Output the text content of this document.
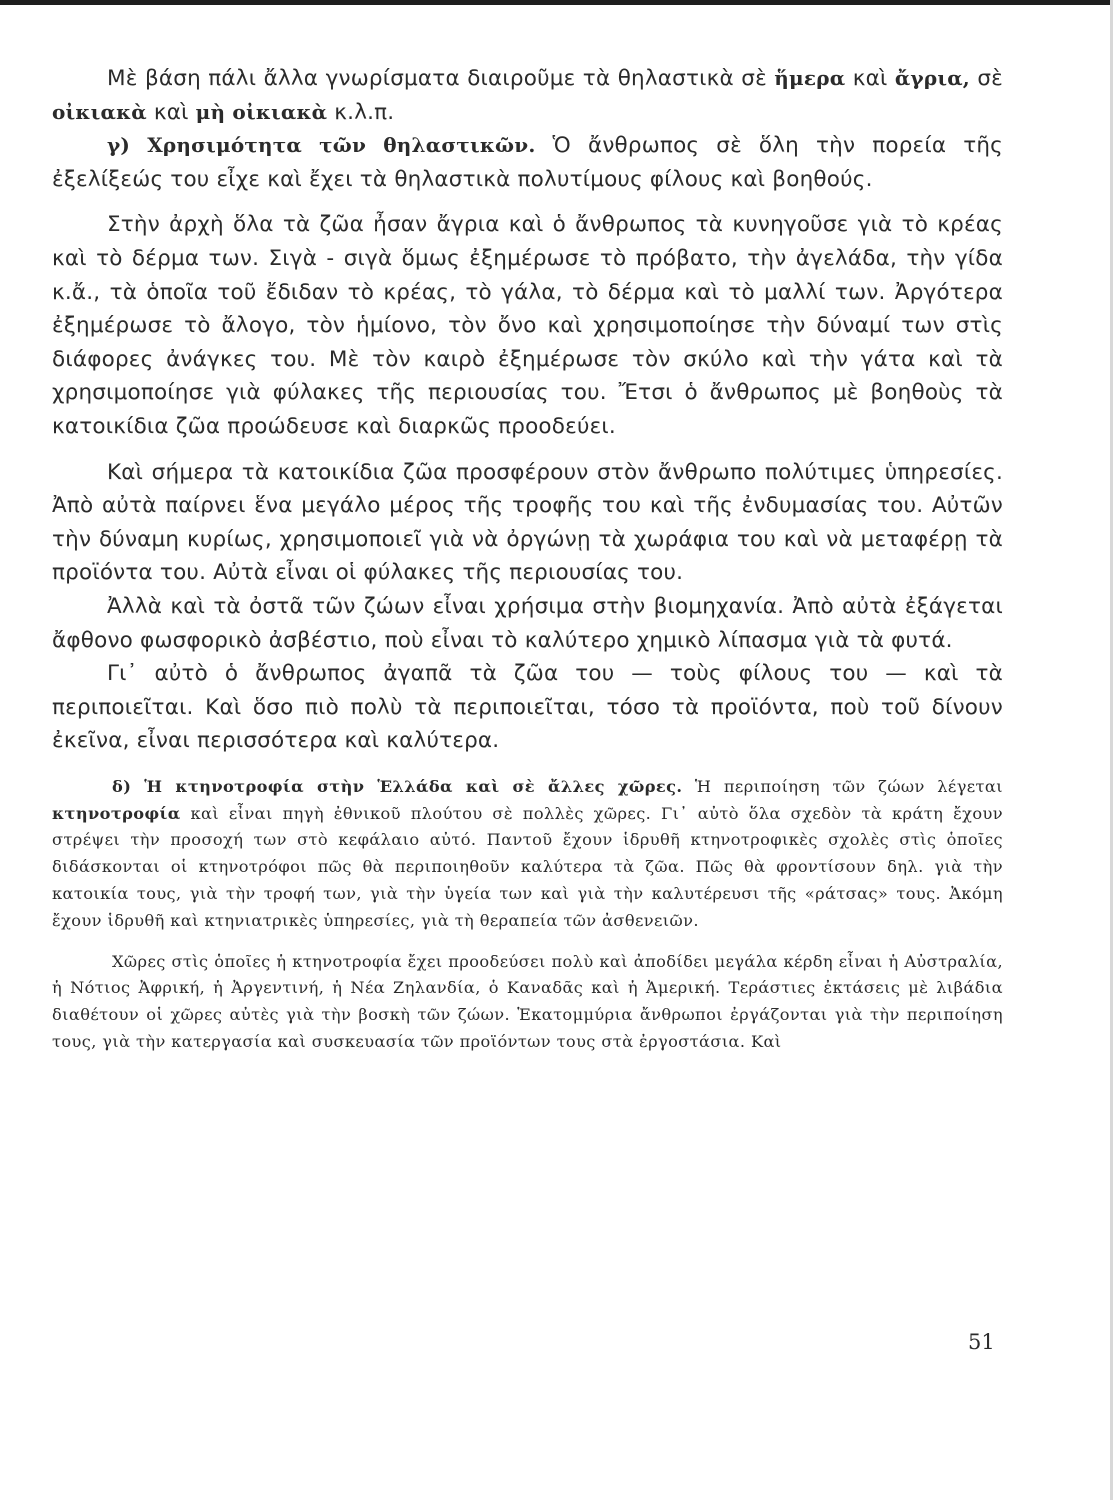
Μὲ βάση πάλι ἄλλα γνωρίσματα διαιροῦμε τὰ θηλαστικὰ σὲ ἥμερα καὶ ἄγρια, σὲ οἰκιακὰ καὶ μὴ οἰκιακὰ κ.λ.π.

γ) Χρησιμότητα τῶν θηλαστικῶν. Ὁ ἄνθρωπος σὲ ὅλη τὴν πορεία τῆς ἐξελίξεώς του εἶχε καὶ ἔχει τὰ θηλαστικὰ πολυτίμους φίλους καὶ βοηθούς.

Στὴν ἀρχὴ ὅλα τὰ ζῶα ἦσαν ἄγρια καὶ ὁ ἄνθρωπος τὰ κυνηγοῦσε γιὰ τὸ κρέας καὶ τὸ δέρμα των. Σιγὰ - σιγὰ ὅμως ἐξημέρωσε τὸ πρόβατο, τὴν ἀγελάδα, τὴν γίδα κ.ἄ., τὰ ὁποῖα τοῦ ἔδιδαν τὸ κρέας, τὸ γάλα, τὸ δέρμα καὶ τὸ μαλλί των. Ἀργότερα ἐξημέρωσε τὸ ἄλογο, τὸν ἡμίονο, τὸν ὄνο καὶ χρησιμοποίησε τὴν δύναμί των στὶς διάφορες ἀνάγκες του. Μὲ τὸν καιρὸ ἐξημέρωσε τὸν σκύλο καὶ τὴν γάτα καὶ τὰ χρησιμοποίησε γιὰ φύλακες τῆς περιουσίας του. Ἔτσι ὁ ἄνθρωπος μὲ βοηθοὺς τὰ κατοικίδια ζῶα προώδευσε καὶ διαρκῶς προοδεύει.

Καὶ σήμερα τὰ κατοικίδια ζῶα προσφέρουν στὸν ἄνθρωπο πολύτιμες ὑπηρεσίες. Ἀπὸ αὐτὰ παίρνει ἕνα μεγάλο μέρος τῆς τροφῆς του καὶ τῆς ἐνδυμασίας του. Αὐτῶν τὴν δύναμη κυρίως, χρησιμοποιεῖ γιὰ νὰ ὀργώνῃ τὰ χωράφια του καὶ νὰ μεταφέρῃ τὰ προϊόντα του. Αὐτὰ εἶναι οἱ φύλακες τῆς περιουσίας του.

Ἀλλὰ καὶ τὰ ὀστᾶ τῶν ζώων εἶναι χρήσιμα στὴν βιομηχανία. Ἀπὸ αὐτὰ ἐξάγεται ἄφθονο φωσφορικὸ ἀσβέστιο, ποὺ εἶναι τὸ καλύτερο χημικὸ λίπασμα γιὰ τὰ φυτά.

Γι᾿ αὐτὸ ὁ ἄνθρωπος ἀγαπᾶ τὰ ζῶα του — τοὺς φίλους του — καὶ τὰ περιποιεῖται. Καὶ ὅσο πιὸ πολὺ τὰ περιποιεῖται, τόσο τὰ προϊόντα, ποὺ τοῦ δίνουν ἐκεῖνα, εἶναι περισσότερα καὶ καλύτερα.

δ) Ἡ κτηνοτροφία στὴν Ἑλλάδα καὶ σὲ ἄλλες χῶρες. Ἡ περιποίηση τῶν ζώων λέγεται κτηνοτροφία καὶ εἶναι πηγὴ ἐθνικοῦ πλούτου σὲ πολλὲς χῶρες. Γι᾿ αὐτὸ ὅλα σχεδὸν τὰ κράτη ἔχουν στρέψει τὴν προσοχή των στὸ κεφάλαιο αὐτό. Παντοῦ ἔχουν ἱδρυθῆ κτηνοτροφικὲς σχολὲς στὶς ὁποῖες διδάσκονται οἱ κτηνοτρόφοι πῶς θὰ περιποιηθοῦν καλύτερα τὰ ζῶα. Πῶς θὰ φροντίσουν δηλ. γιὰ τὴν κατοικία τους, γιὰ τὴν τροφή των, γιὰ τὴν ὑγεία των καὶ γιὰ τὴν καλυτέρευσι τῆς «ράτσας» τους. Ἀκόμη ἔχουν ἱδρυθῆ καὶ κτηνιατρικὲς ὑπηρεσίες, γιὰ τὴ θεραπεία τῶν ἀσθενειῶν.

Χῶρες στὶς ὁποῖες ἡ κτηνοτροφία ἔχει προοδεύσει πολὺ καὶ ἀποδίδει μεγάλα κέρδη εἶναι ἡ Αὐστραλία, ἡ Νότιος Ἀφρική, ἡ Ἀργεντινή, ἡ Νέα Ζηλανδία, ὁ Καναδᾶς καὶ ἡ Ἀμερική. Τεράστιες ἐκτάσεις μὲ λιβάδια διαθέτουν οἱ χῶρες αὐτὲς γιὰ τὴν βοσκὴ τῶν ζώων. Ἑκατομμύρια ἄνθρωποι ἐργάζονται γιὰ τὴν περιποίηση τους, γιὰ τὴν κατεργασία καὶ συσκευασία τῶν προϊόντων τους στὰ ἐργοστάσια. Καὶ

51
